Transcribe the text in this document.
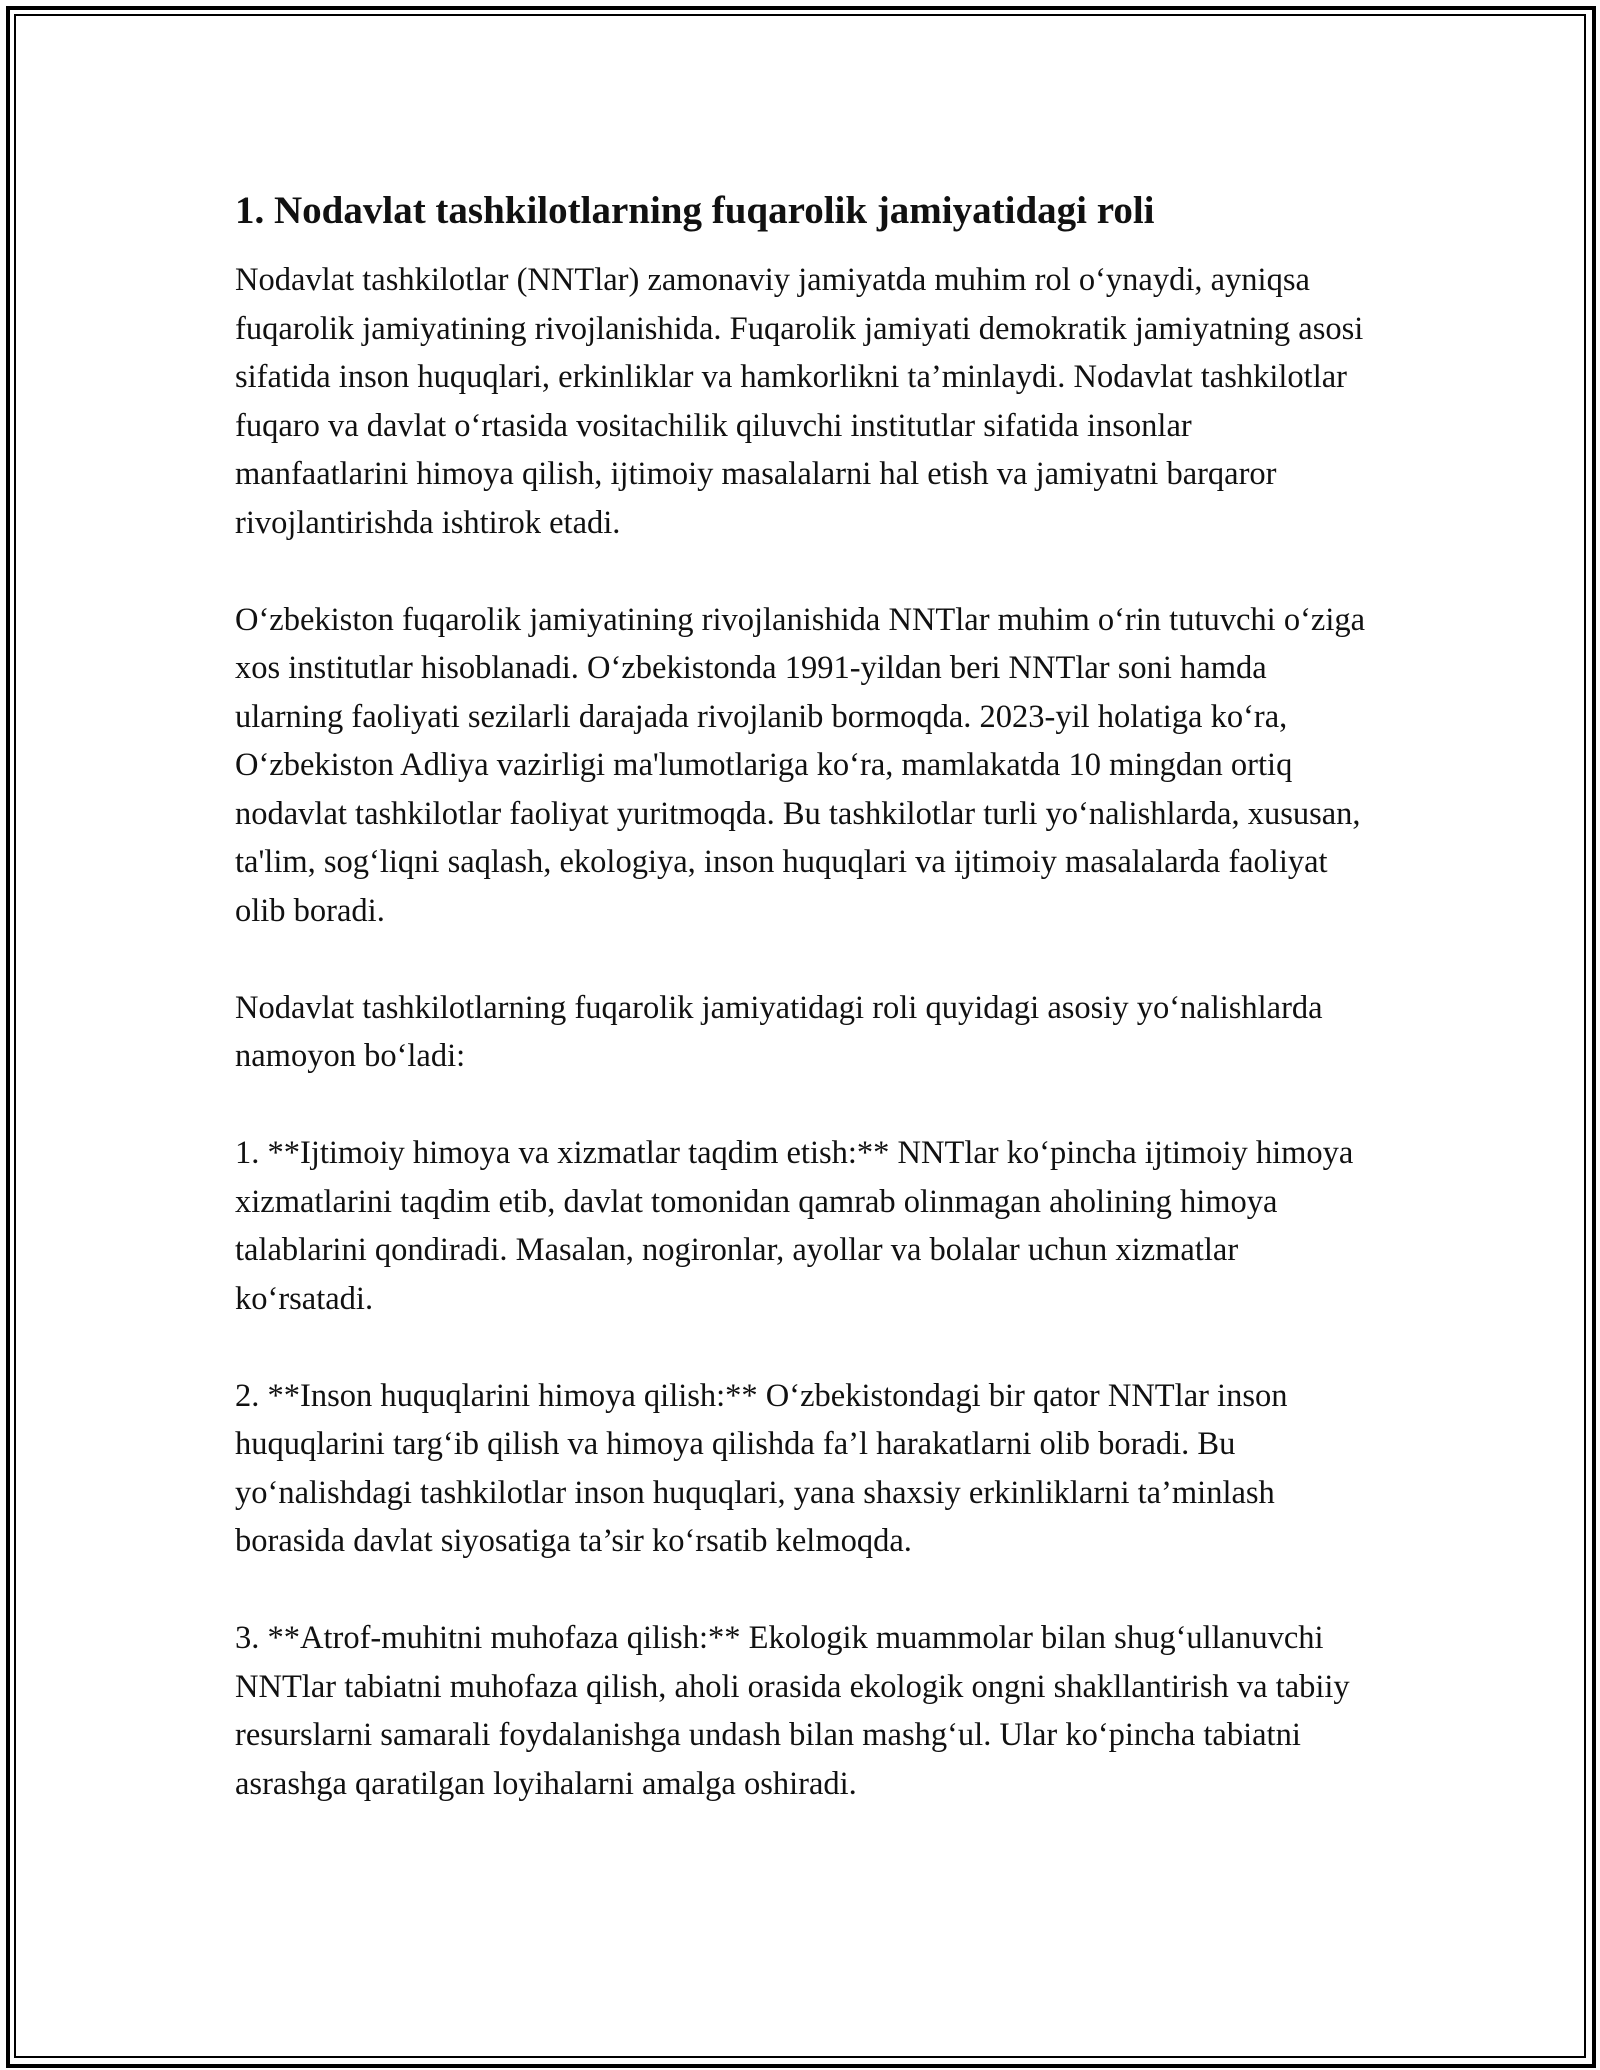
1. Nodavlat tashkilotlarning fuqarolik jamiyatidagi roli

Nodavlat tashkilotlar (NNTlar) zamonaviy jamiyatda muhim rol o‘ynaydi, ayniqsa fuqarolik jamiyatining rivojlanishida. Fuqarolik jamiyati demokratik jamiyatning asosi sifatida inson huquqlari, erkinliklar va hamkorlikni ta’minlaydi. Nodavlat tashkilotlar fuqaro va davlat o‘rtasida vositachilik qiluvchi institutlar sifatida insonlar manfaatlarini himoya qilish, ijtimoiy masalalarni hal etish va jamiyatni barqaror rivojlantirishda ishtirok etadi.

O‘zbekiston fuqarolik jamiyatining rivojlanishida NNTlar muhim o‘rin tutuvchi o‘ziga xos institutlar hisoblanadi. O‘zbekistonda 1991-yildan beri NNTlar soni hamda ularning faoliyati sezilarli darajada rivojlanib bormoqda. 2023-yil holatiga ko‘ra, O‘zbekiston Adliya vazirligi ma'lumotlariga ko‘ra, mamlakatda 10 mingdan ortiq nodavlat tashkilotlar faoliyat yuritmoqda. Bu tashkilotlar turli yo‘nalishlarda, xususan, ta'lim, sog‘liqni saqlash, ekologiya, inson huquqlari va ijtimoiy masalalarda faoliyat olib boradi.

Nodavlat tashkilotlarning fuqarolik jamiyatidagi roli quyidagi asosiy yo‘nalishlarda namoyon bo‘ladi:

1. **Ijtimoiy himoya va xizmatlar taqdim etish:** NNTlar ko‘pincha ijtimoiy himoya xizmatlarini taqdim etib, davlat tomonidan qamrab olinmagan aholining himoya talablarini qondiradi. Masalan, nogironlar, ayollar va bolalar uchun xizmatlar ko‘rsatadi.

2. **Inson huquqlarini himoya qilish:** O‘zbekistondagi bir qator NNTlar inson huquqlarini targ‘ib qilish va himoya qilishda fa’l harakatlarni olib boradi. Bu yo‘nalishdagi tashkilotlar inson huquqlari, yana shaxsiy erkinliklarni ta’minlash borasida davlat siyosatiga ta’sir ko‘rsatib kelmoqda.

3. **Atrof-muhitni muhofaza qilish:** Ekologik muammolar bilan shug‘ullanuvchi NNTlar tabiatni muhofaza qilish, aholi orasida ekologik ongni shakllantirish va tabiiy resurslarni samarali foydalanishga undash bilan mashg‘ul. Ular ko‘pincha tabiatni asrashga qaratilgan loyihalarni amalga oshiradi.
